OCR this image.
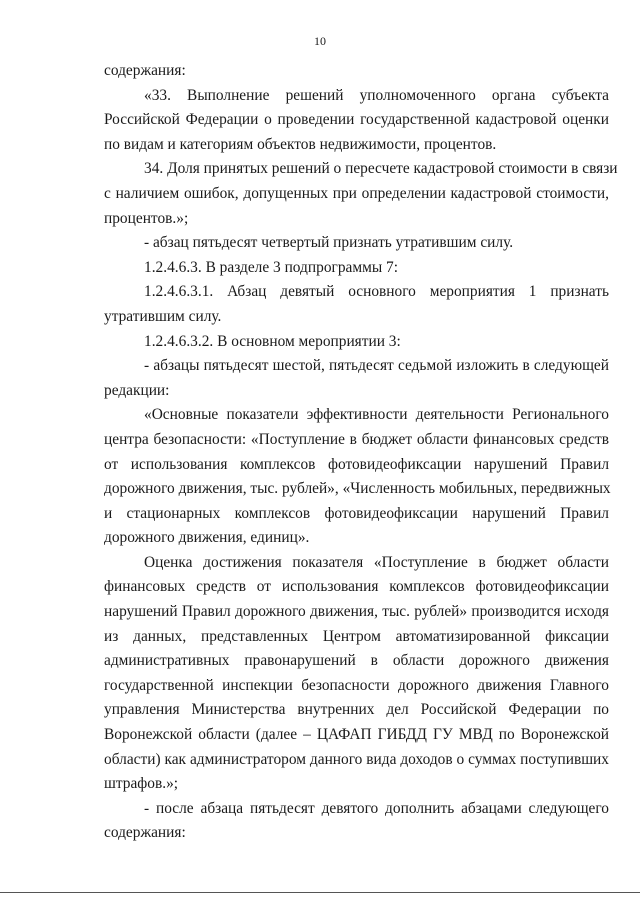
10
содержания:
«33. Выполнение решений уполномоченного органа субъекта
Российской Федерации о проведении государственной кадастровой оценки
по видам и категориям объектов недвижимости, процентов.
34. Доля принятых решений о пересчете кадастровой стоимости в связи
с наличием ошибок, допущенных при определении кадастровой стоимости,
процентов.»;
- абзац пятьдесят четвертый признать утратившим силу.
1.2.4.6.3. В разделе 3 подпрограммы 7:
1.2.4.6.3.1. Абзац девятый основного мероприятия 1 признать
утратившим силу.
1.2.4.6.3.2. В основном мероприятии 3:
- абзацы пятьдесят шестой, пятьдесят седьмой изложить в следующей
редакции:
«Основные показатели эффективности деятельности Регионального
центра безопасности: «Поступление в бюджет области финансовых средств
от использования комплексов фотовидеофиксации нарушений Правил
дорожного движения, тыс. рублей», «Численность мобильных, передвижных
и стационарных комплексов фотовидеофиксации нарушений Правил
дорожного движения, единиц».
Оценка достижения показателя «Поступление в бюджет области
финансовых средств от использования комплексов фотовидеофиксации
нарушений Правил дорожного движения, тыс. рублей» производится исходя
из данных, представленных Центром автоматизированной фиксации
административных правонарушений в области дорожного движения
государственной инспекции безопасности дорожного движения Главного
управления Министерства внутренних дел Российской Федерации по
Воронежской области (далее – ЦАФАП ГИБДД ГУ МВД по Воронежской
области) как администратором данного вида доходов о суммах поступивших
штрафов.»;
- после абзаца пятьдесят девятого дополнить абзацами следующего
содержания:
